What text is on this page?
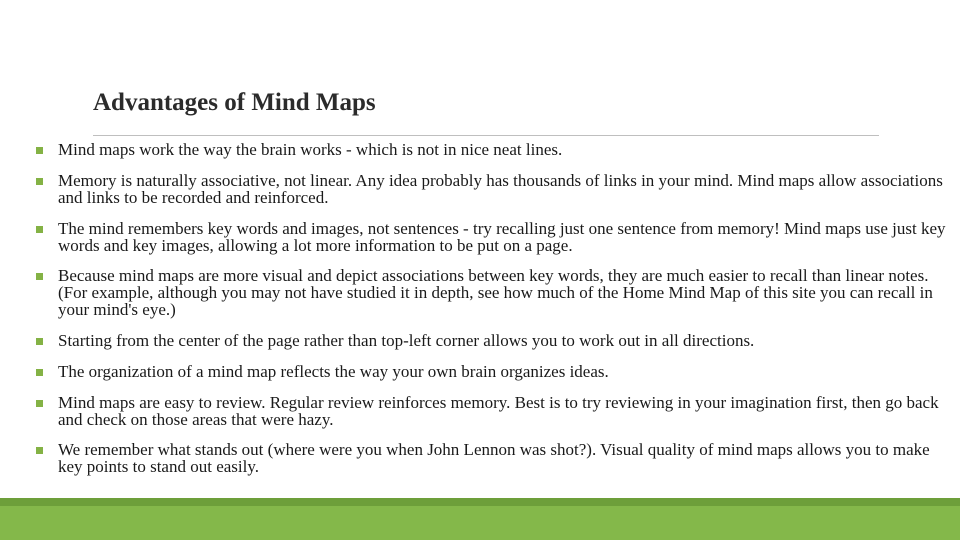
Advantages of Mind Maps
Mind maps work the way the brain works - which is not in nice neat lines.
Memory is naturally associative, not linear. Any idea probably has thousands of links in your mind. Mind maps allow associations and links to be recorded and reinforced.
The mind remembers key words and images, not sentences - try recalling just one sentence from memory! Mind maps use just key words and key images, allowing a lot more information to be put on a page.
Because mind maps are more visual and depict associations between key words, they are much easier to recall than linear notes. (For example, although you may not have studied it in depth, see how much of the Home Mind Map of this site you can recall in your mind's eye.)
Starting from the center of the page rather than top-left corner allows you to work out in all directions.
The organization of a mind map reflects the way your own brain organizes ideas.
Mind maps are easy to review. Regular review reinforces memory. Best is to try reviewing in your imagination first, then go back and check on those areas that were hazy.
We remember what stands out (where were you when John Lennon was shot?). Visual quality of mind maps allows you to make key points to stand out easily.
